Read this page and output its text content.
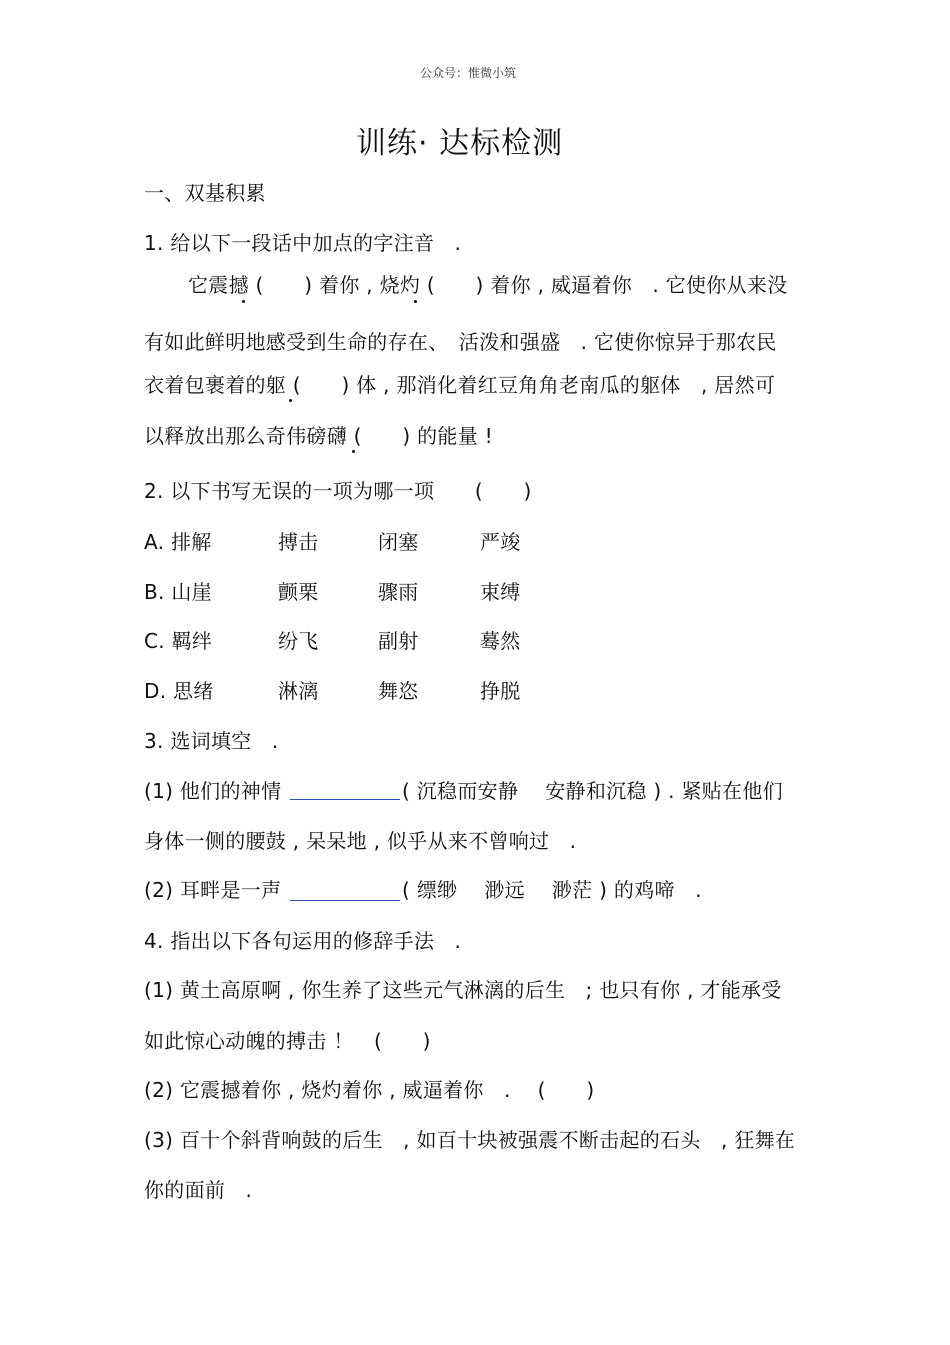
公众号：惟微小筑
训练· 达标检测
一、双基积累
1. 给以下一段话中加点的字注音　.
它震撼 (　　) 着你 , 烧灼 (　　) 着你 , 威逼着你　. 它使你从来没
有如此鲜明地感受到生命的存在、　活泼和强盛　. 它使你惊异于那农民
衣着包裹着的躯 (　　) 体 , 那消化着红豆角角老南瓜的躯体　, 居然可
以释放出那么奇伟磅礴 (　　) 的能量 !
2. 以下书写无误的一项为哪一项　　(　　)
A. 排解	搏击	闭塞	严竣
B. 山崖	颤栗	骤雨	束缚
C. 羁绊	纷飞	副射	蓦然
D. 思绪	淋漓	舞恣	挣脱
3. 选词填空　.
(1) 他们的神情	( 沉稳而安静　 安静和沉稳 ) . 紧贴在他们
身体一侧的腰鼓 , 呆呆地 , 似乎从来不曾响过　.
(2) 耳畔是一声	( 缥缈　 渺远　 渺茫 ) 的鸡啼　.
4. 指出以下各句运用的修辞手法　.
(1) 黄土高原啊 , 你生养了这些元气淋漓的后生　; 也只有你 , 才能承受
如此惊心动魄的搏击 ！　(　　)
(2) 它震撼着你 , 烧灼着你 , 威逼着你　.　 (　　)
(3) 百十个斜背响鼓的后生　, 如百十块被强震不断击起的石头　, 狂舞在
你的面前　.
